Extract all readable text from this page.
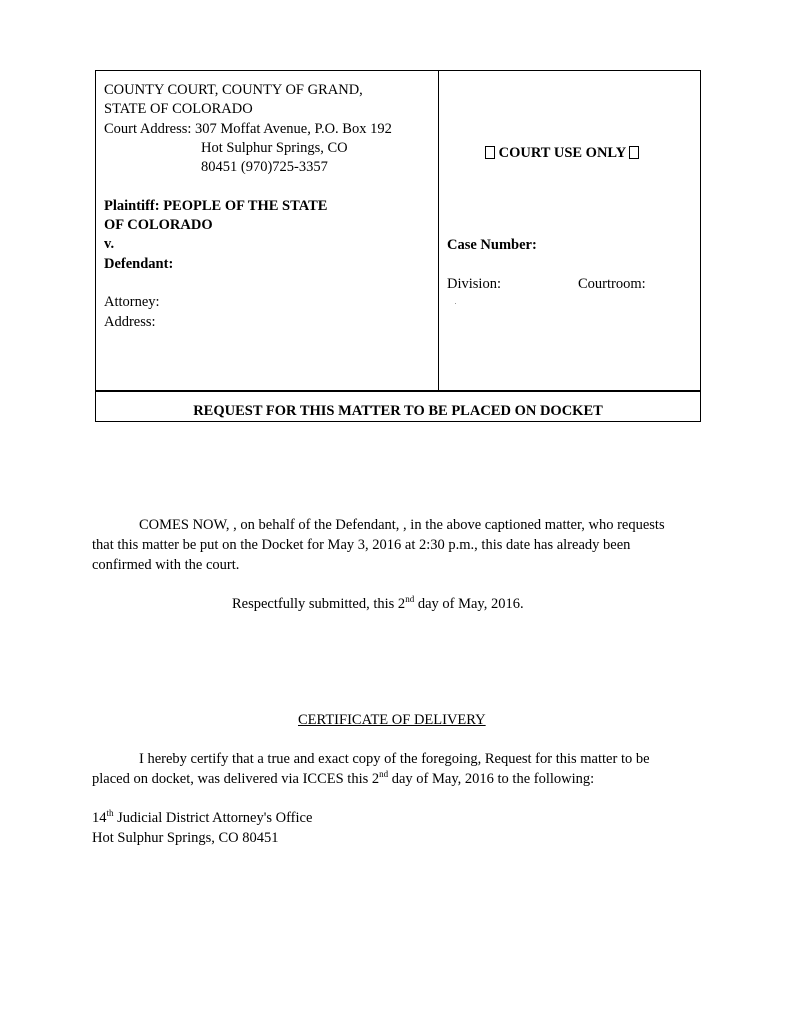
COUNTY COURT, COUNTY OF GRAND,
STATE OF COLORADO
Court Address: 307 Moffat Avenue, P.O. Box 192
Hot Sulphur Springs, CO
80451 (970)725-3357
Plaintiff: PEOPLE OF THE STATE
OF COLORADO
v.
Defendant:
Attorney:
Address:
COURT USE ONLY
Case Number:
Division:	Courtroom:
REQUEST FOR THIS MATTER TO BE PLACED ON DOCKET
COMES NOW, , on behalf of the Defendant, , in the above captioned matter, who requests
that this matter be put on the Docket for May 3, 2016 at 2:30 p.m., this date has already been
confirmed with the court.
Respectfully submitted, this 2nd day of May, 2016.
CERTIFICATE OF DELIVERY
I hereby certify that a true and exact copy of the foregoing, Request for this matter to be
placed on docket, was delivered via ICCES this 2nd day of May, 2016 to the following:
14th Judicial District Attorney's Office
Hot Sulphur Springs, CO 80451
